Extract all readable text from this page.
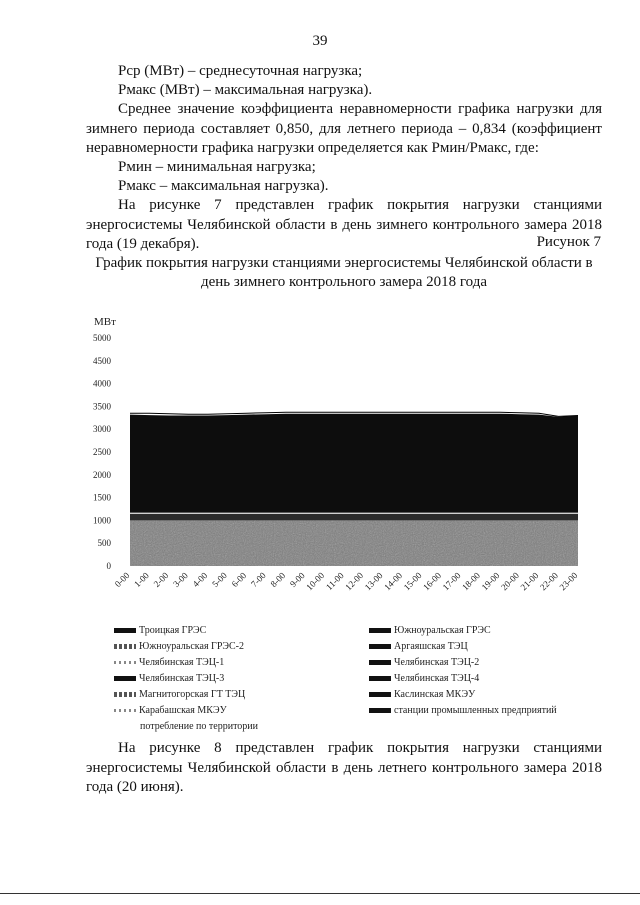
39

Рср (МВт) – среднесуточная нагрузка;

Рмакс (МВт) – максимальная нагрузка).

Среднее значение коэффициента неравномерности графика нагрузки для зимнего периода составляет 0,850, для летнего периода – 0,834 (коэффициент неравномерности графика нагрузки определяется как Рмин/Рмакс, где:

Рмин – минимальная нагрузка;

Рмакс – максимальная нагрузка).

На рисунке 7 представлен график покрытия нагрузки станциями энергосистемы Челябинской области в день зимнего контрольного замера 2018 года (19 декабря).	Рисунок 7
График покрытия нагрузки станциями энергосистемы Челябинской области в день зимнего контрольного замера 2018 года
МВт
5000
4500
4000
3500
3000
2500
2000
1500
1000
500
0
0-00 1-00 2-00 3-00 4-00 5-00 6-00 7-00 8-00 9-00
10-00
11-00
12-00
13-00
14-00
15-00
16-00
17-00
18-00
19-00
20-00
21-00
22-00
23-00
Троицкая ГРЭС	Южноуральская ГРЭС
Южноуральская ГРЭС-2	Аргаяшская ТЭЦ
Челябинская ТЭЦ-1	Челябинская ТЭЦ-2
Челябинская ТЭЦ-3	Челябинская ТЭЦ-4
Магнитогорская ГТ ТЭЦ	Каслинская МКЭУ
Карабашская МКЭУ	станции промышленных предприятий
потребление по территории

На рисунке 8 представлен график покрытия нагрузки станциями энергосистемы Челябинской области в день летнего контрольного замера 2018 года (20 июня).
